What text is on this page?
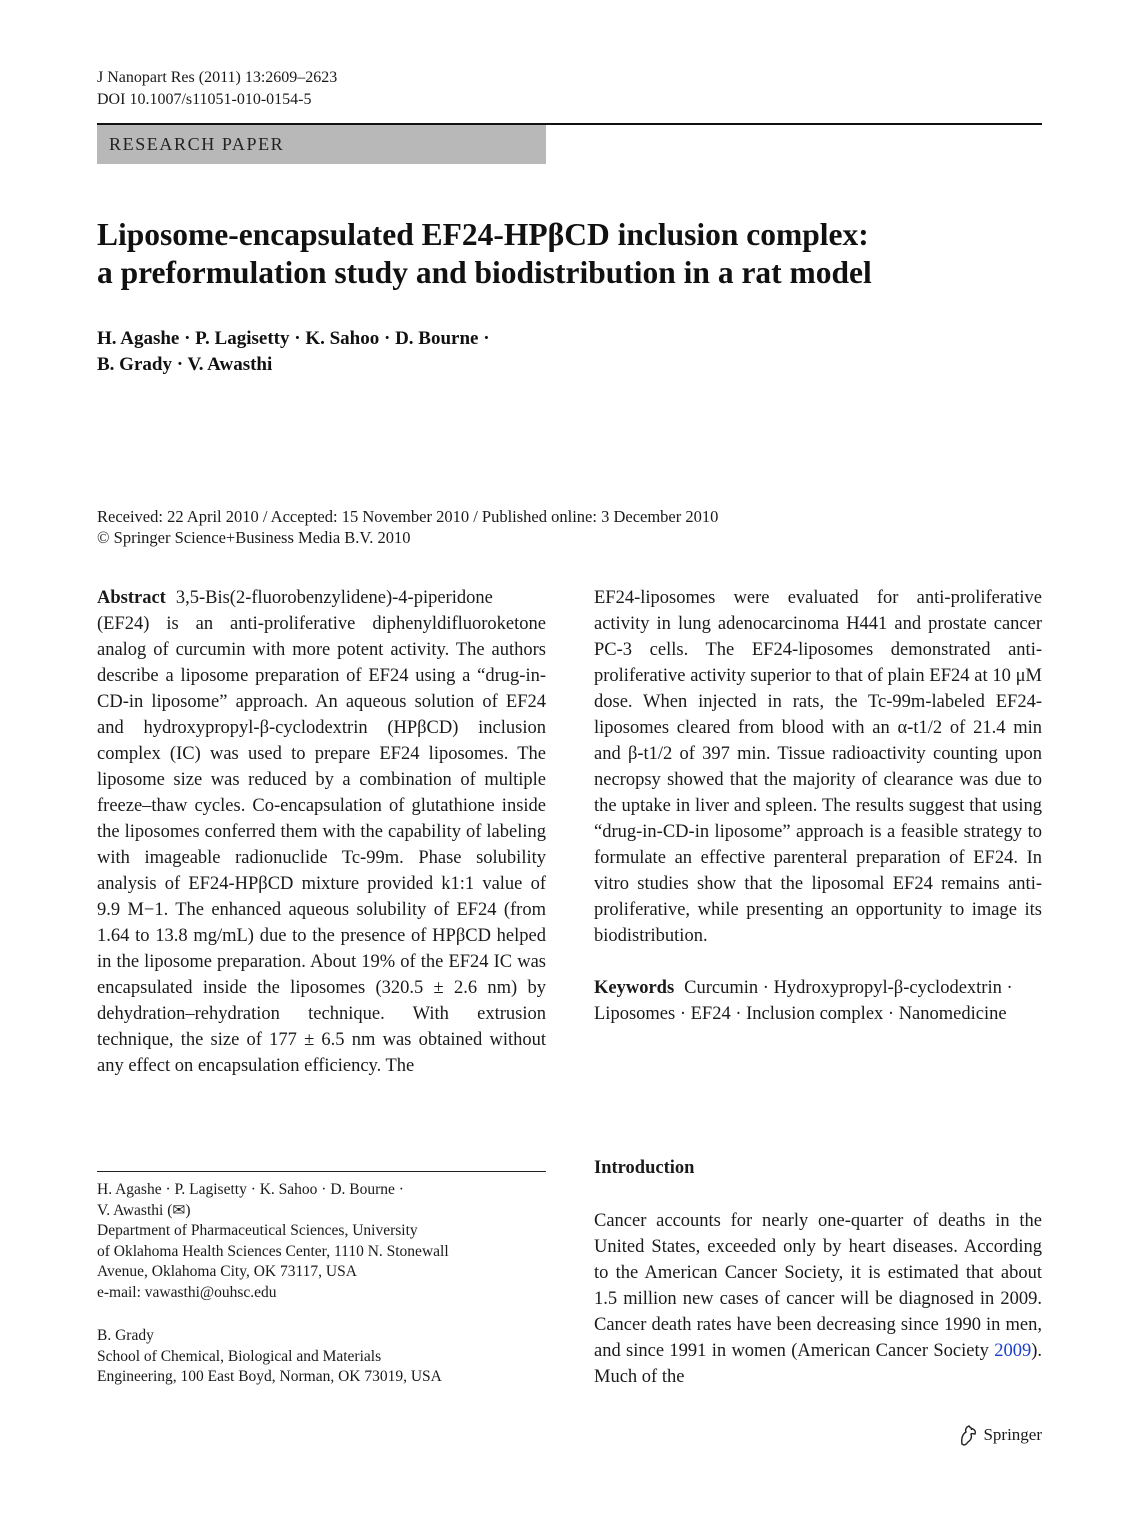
J Nanopart Res (2011) 13:2609–2623
DOI 10.1007/s11051-010-0154-5
RESEARCH PAPER
Liposome-encapsulated EF24-HPβCD inclusion complex:
a preformulation study and biodistribution in a rat model
H. Agashe · P. Lagisetty · K. Sahoo · D. Bourne ·
B. Grady · V. Awasthi
Received: 22 April 2010 / Accepted: 15 November 2010 / Published online: 3 December 2010
© Springer Science+Business Media B.V. 2010

Abstract 3,5-Bis(2-fluorobenzylidene)-4-piperidone (EF24) is an anti-proliferative diphenyldifluoroketone analog of curcumin with more potent activity. The authors describe a liposome preparation of EF24 using a “drug-in-CD-in liposome” approach. An aqueous solution of EF24 and hydroxypropyl-β-cyclodextrin (HPβCD) inclusion complex (IC) was used to prepare EF24 liposomes. The liposome size was reduced by a combination of multiple freeze–thaw cycles. Co-encapsulation of glutathione inside the liposomes conferred them with the capability of labeling with imageable radionuclide Tc-99m. Phase solubility analysis of EF24-HPβCD mixture provided k1:1 value of 9.9 M−1. The enhanced aqueous solubility of EF24 (from 1.64 to 13.8 mg/mL) due to the presence of HPβCD helped in the liposome preparation. About 19% of the EF24 IC was encapsulated inside the liposomes (320.5 ± 2.6 nm) by dehydration–rehydration technique. With extrusion technique, the size of 177 ± 6.5 nm was obtained without any effect on encapsulation efficiency. The

EF24-liposomes were evaluated for anti-proliferative activity in lung adenocarcinoma H441 and prostate cancer PC-3 cells. The EF24-liposomes demonstrated anti-proliferative activity superior to that of plain EF24 at 10 μM dose. When injected in rats, the Tc-99m-labeled EF24-liposomes cleared from blood with an α-t1/2 of 21.4 min and β-t1/2 of 397 min. Tissue radioactivity counting upon necropsy showed that the majority of clearance was due to the uptake in liver and spleen. The results suggest that using “drug-in-CD-in liposome” approach is a feasible strategy to formulate an effective parenteral preparation of EF24. In vitro studies show that the liposomal EF24 remains anti-proliferative, while presenting an opportunity to image its biodistribution.

Keywords Curcumin · Hydroxypropyl-β-cyclodextrin · Liposomes · EF24 · Inclusion complex · Nanomedicine

Introduction

Cancer accounts for nearly one-quarter of deaths in the United States, exceeded only by heart diseases. According to the American Cancer Society, it is estimated that about 1.5 million new cases of cancer will be diagnosed in 2009. Cancer death rates have been decreasing since 1990 in men, and since 1991 in women (American Cancer Society 2009). Much of the

H. Agashe · P. Lagisetty · K. Sahoo · D. Bourne ·
V. Awasthi (✉)
Department of Pharmaceutical Sciences, University
of Oklahoma Health Sciences Center, 1110 N. Stonewall
Avenue, Oklahoma City, OK 73117, USA
e-mail: vawasthi@ouhsc.edu
B. Grady
School of Chemical, Biological and Materials
Engineering, 100 East Boyd, Norman, OK 73019, USA
Springer
